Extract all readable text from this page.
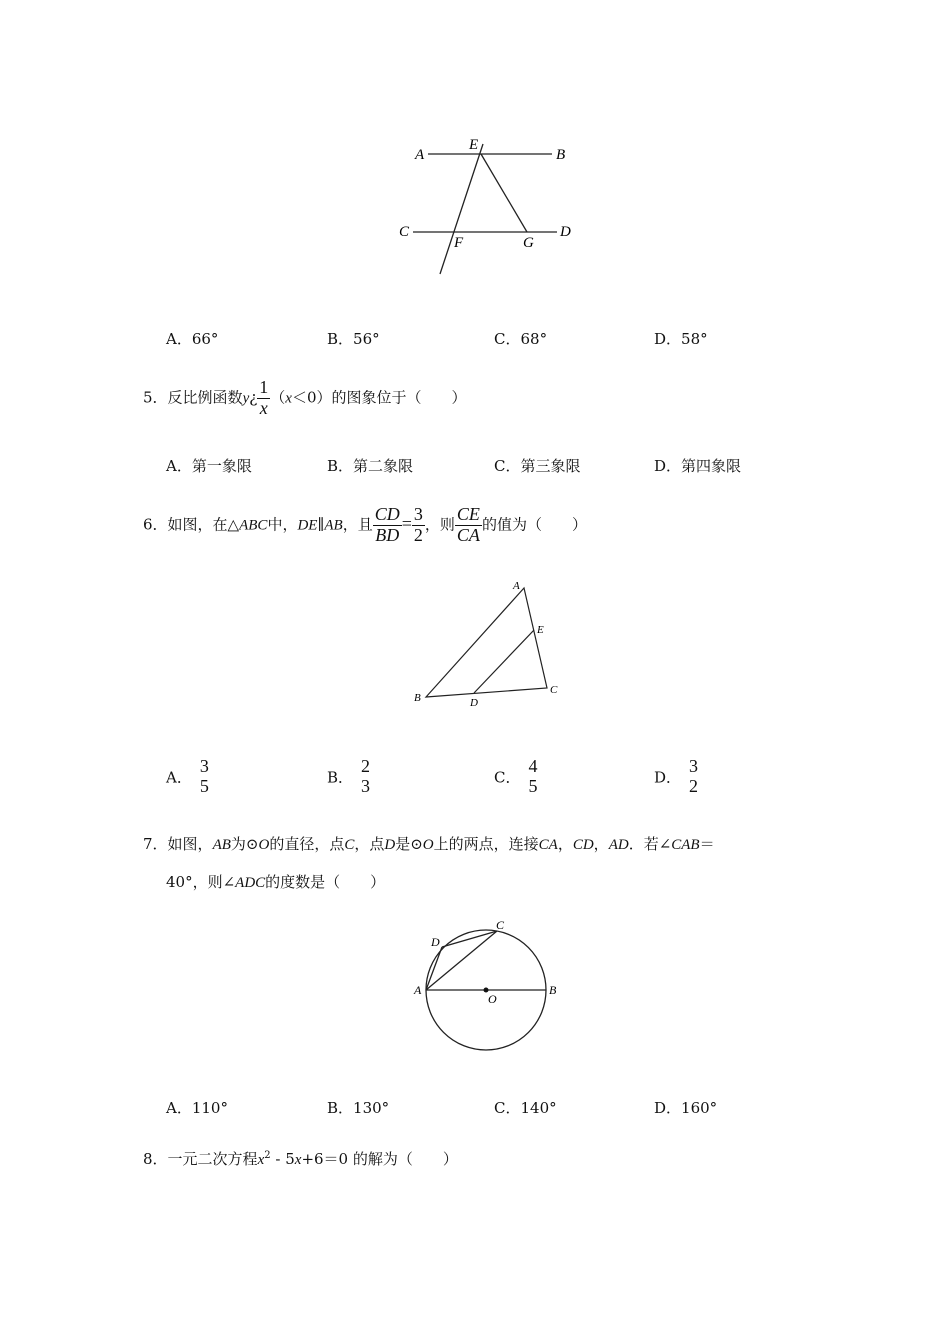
A
E
B
C
F	G
D
A．66°	B．56°	C．68°	D．58°
5．反比例函数y¿ $\frac{1}{x} (x<0)$的图象位于（　　）
A．第一象限	B．第二象限	C．第三象限	D．第四象限
6．如图，在△ABC中，DE∥AB，且 $\frac{CD}{BD} = \frac{3}{2}$ ，则 $\frac{CE}{CA}$ 的值为（　　）
A
E
B	D
C
A．
3
5	B．
2
3	C．
4
5	D．
3
2
7．如图，AB为⊙O的直径，点C，点D是⊙O上的两点，连接CA，CD，AD．若∠CAB＝
40°，则∠ADC的度数是（　　）
A	B
C
D
O
A．110°	B．130°	C．140°	D．160°
8．一元二次方程$x^2 - 5x+6=0$ 的解为（　　）
